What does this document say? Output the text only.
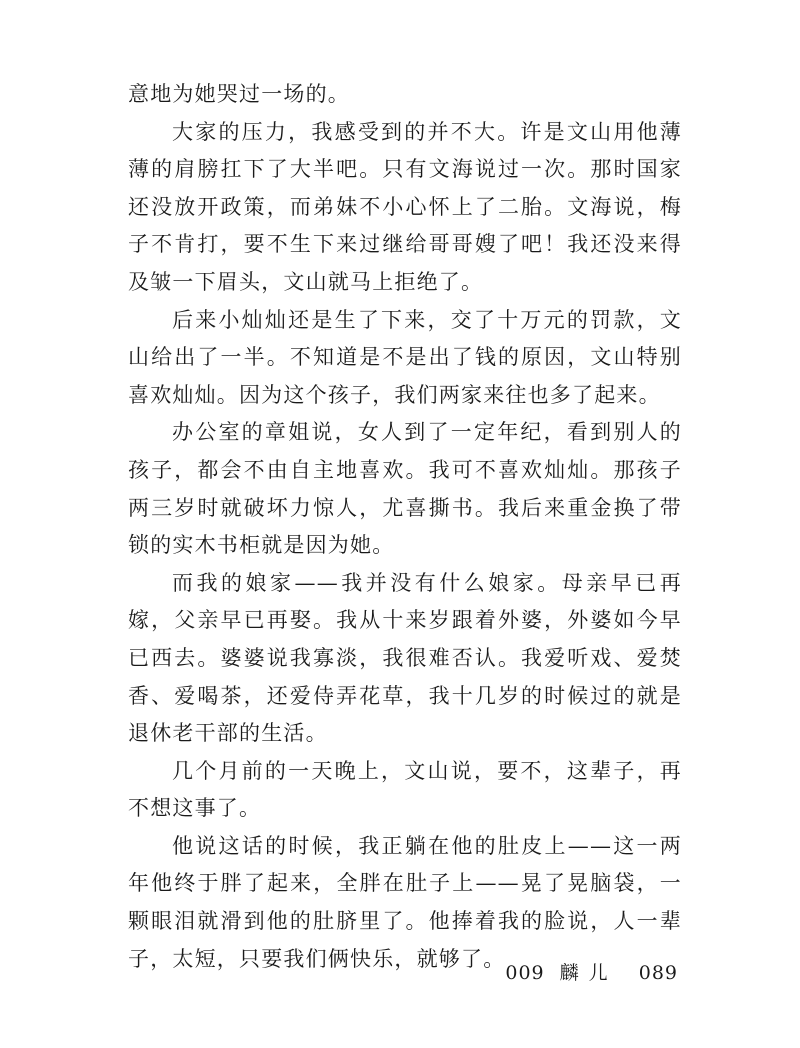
意地为她哭过一场的。

大家的压力，我感受到的并不大。许是文山用他薄薄的肩膀扛下了大半吧。只有文海说过一次。那时国家还没放开政策，而弟妹不小心怀上了二胎。文海说，梅子不肯打，要不生下来过继给哥哥嫂了吧！我还没来得及皱一下眉头，文山就马上拒绝了。

后来小灿灿还是生了下来，交了十万元的罚款，文山给出了一半。不知道是不是出了钱的原因，文山特别喜欢灿灿。因为这个孩子，我们两家来往也多了起来。

办公室的章姐说，女人到了一定年纪，看到别人的孩子，都会不由自主地喜欢。我可不喜欢灿灿。那孩子两三岁时就破坏力惊人，尤喜撕书。我后来重金换了带锁的实木书柜就是因为她。

而我的娘家——我并没有什么娘家。母亲早已再嫁，父亲早已再娶。我从十来岁跟着外婆，外婆如今早已西去。婆婆说我寡淡，我很难否认。我爱听戏、爱焚香、爱喝茶，还爱侍弄花草，我十几岁的时候过的就是退休老干部的生活。

几个月前的一天晚上，文山说，要不，这辈子，再不想这事了。

他说这话的时候，我正躺在他的肚皮上——这一两年他终于胖了起来，全胖在肚子上——晃了晃脑袋，一颗眼泪就滑到他的肚脐里了。他捧着我的脸说，人一辈子，太短，只要我们俩快乐，就够了。

009 麟儿 089
